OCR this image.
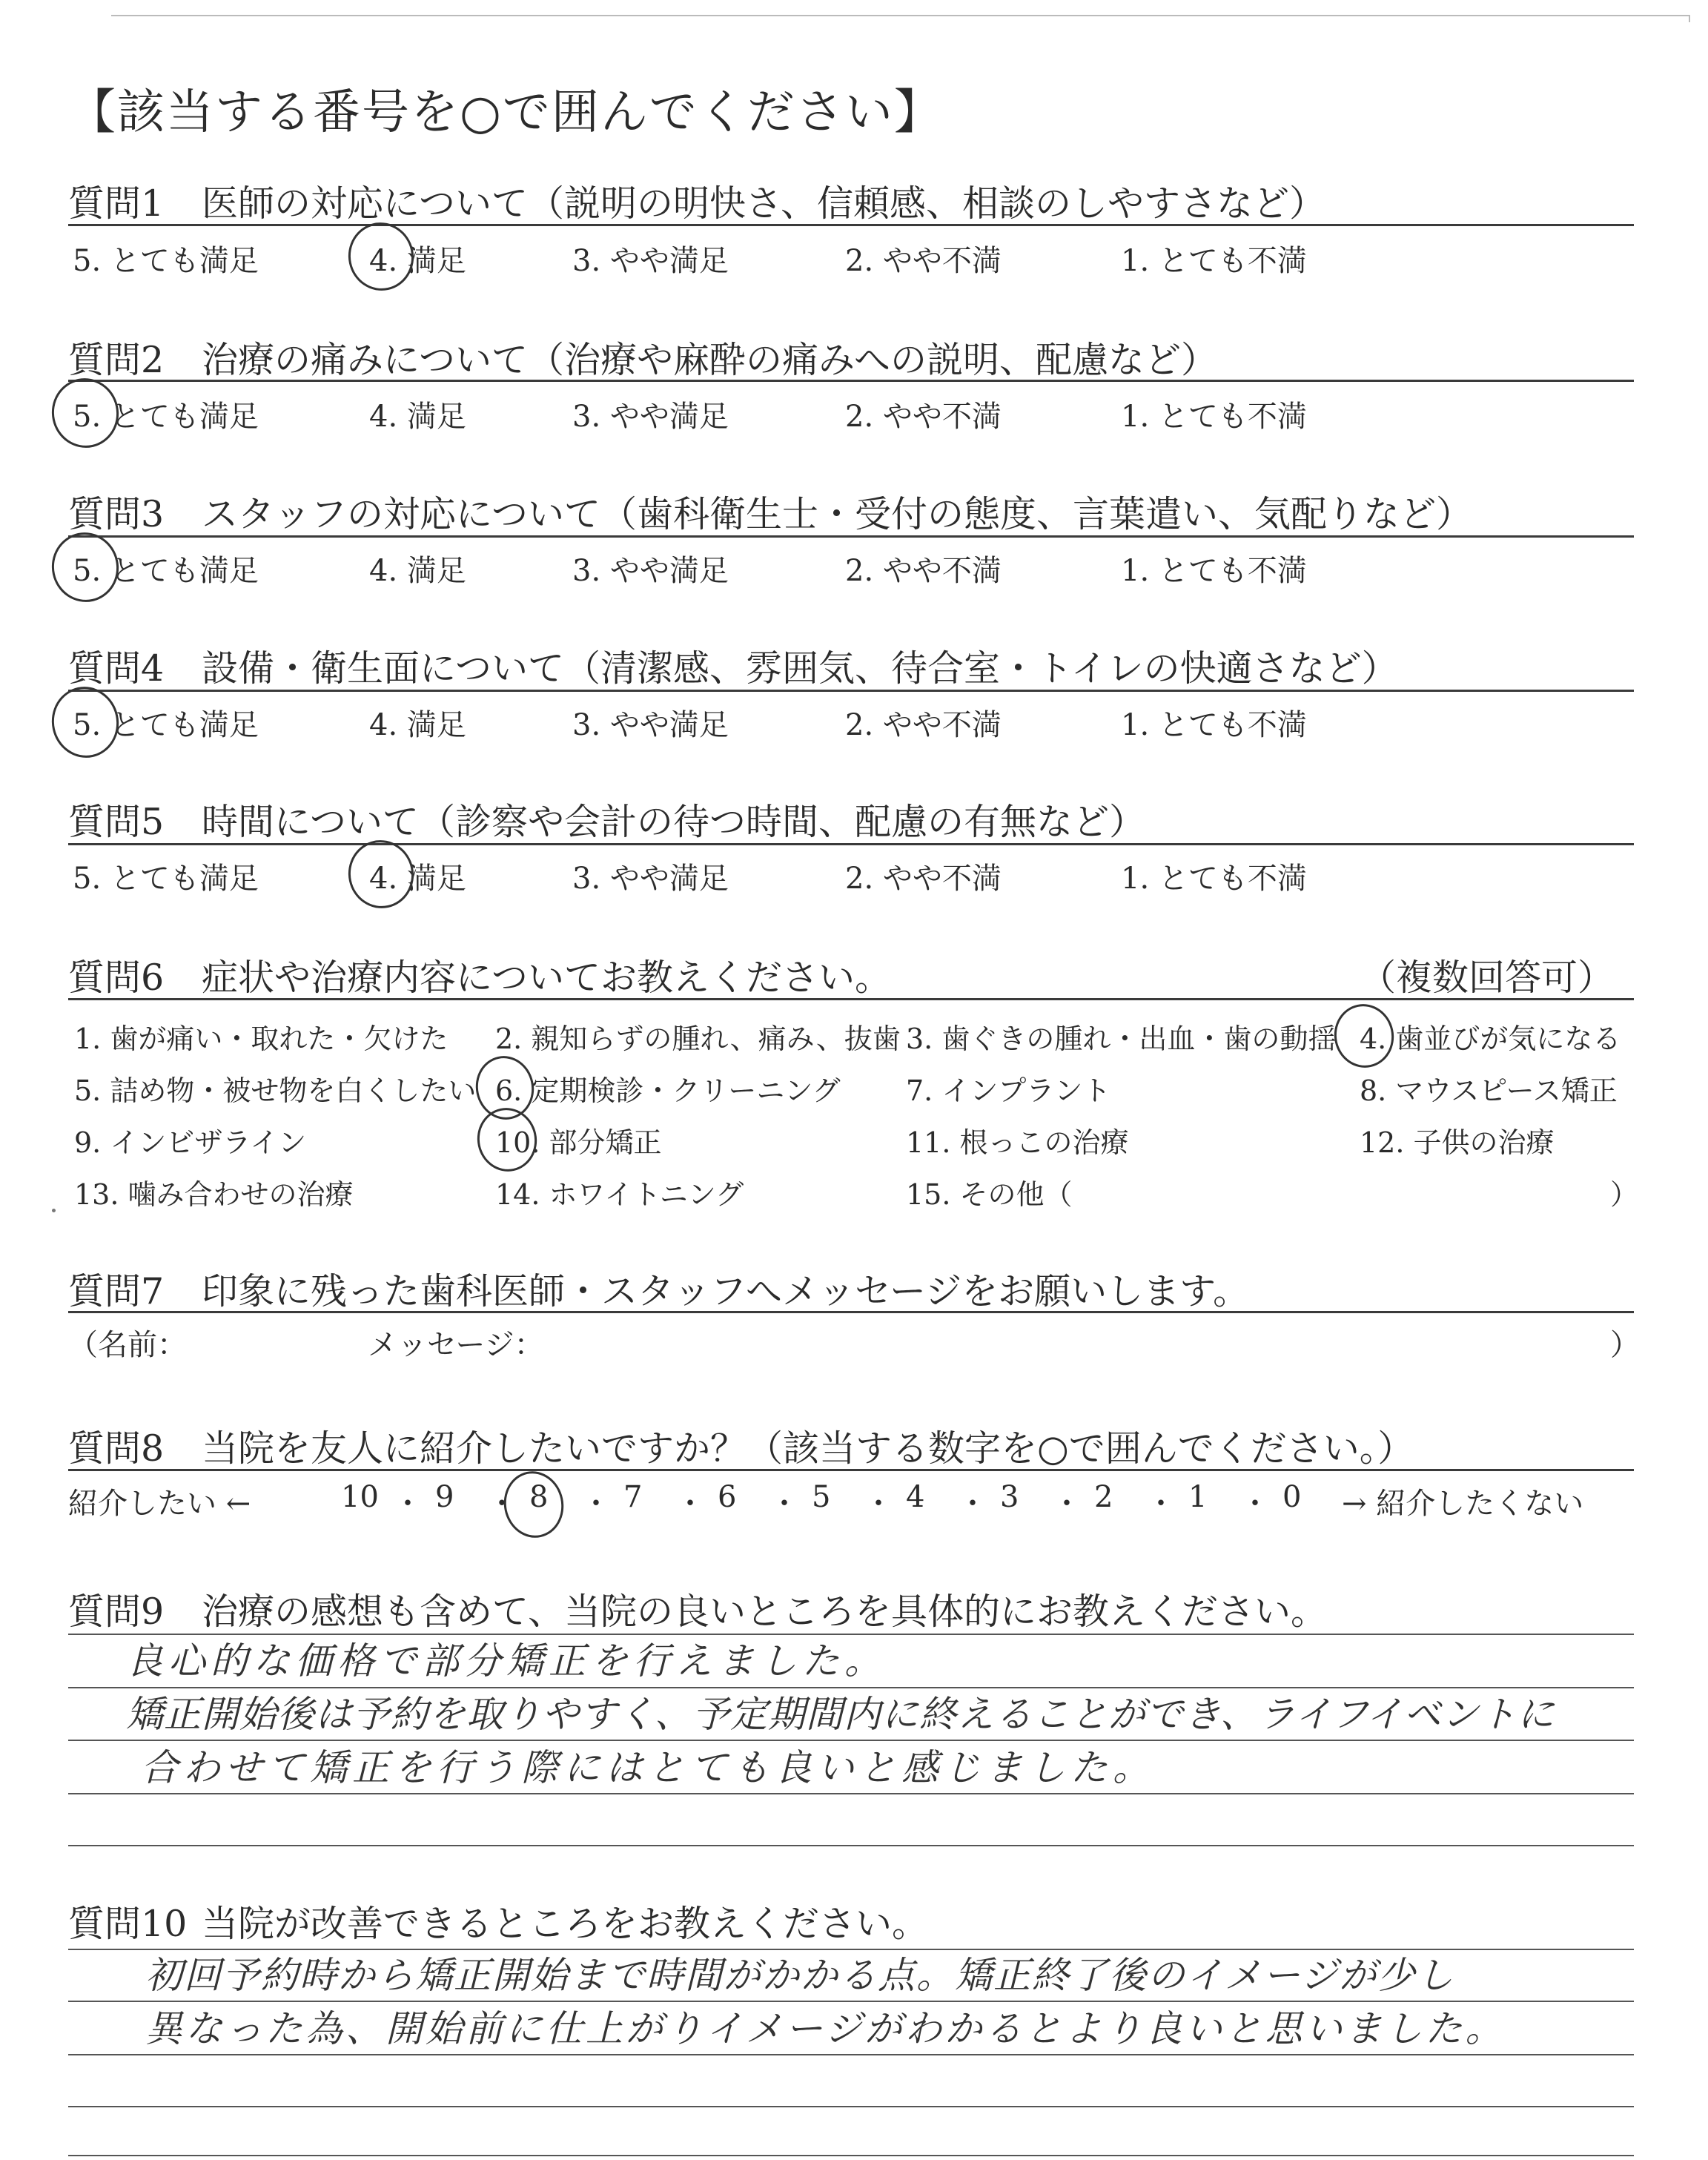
【該当する番号を○で囲んでください】
質問1 医師の対応について（説明の明快さ、信頼感、相談のしやすさなど）
5. とても満足	4. 満足	3. やや満足	2. やや不満	1. とても不満
質問2 治療の痛みについて（治療や麻酔の痛みへの説明、配慮など）
5. とても満足	4. 満足	3. やや満足	2. やや不満	1. とても不満
質問3 スタッフの対応について（歯科衛生士・受付の態度、言葉遣い、気配りなど）
5. とても満足	4. 満足	3. やや満足	2. やや不満	1. とても不満
質問4 設備・衛生面について（清潔感、雰囲気、待合室・トイレの快適さなど）
5. とても満足	4. 満足	3. やや満足	2. やや不満	1. とても不満
質問5 時間について（診察や会計の待つ時間、配慮の有無など）
5. とても満足	4. 満足	3. やや満足	2. やや不満	1. とても不満
質問6 症状や治療内容についてお教えください。	（複数回答可）
1. 歯が痛い・取れた・欠けた 2. 親知らずの腫れ、痛み、抜歯 3. 歯ぐきの腫れ・出血・歯の動揺 4. 歯並びが気になる
5. 詰め物・被せ物を白くしたい 6. 定期検診・クリーニング 7. インプラント	8. マウスピース矯正
9. インビザライン	10. 部分矯正	11. 根っこの治療	12. 子供の治療
13. 噛み合わせの治療	14. ホワイトニング	15. その他（	）
質問7 印象に残った歯科医師・スタッフへメッセージをお願いします。
（名前：	メッセージ：	）
質問8 当院を友人に紹介したいですか？（該当する数字を○で囲んでください。）
紹介したい ←	→ 紹介したくない
10 ・ 9 ・ 8 ・ 7 ・ 6 ・ 5 ・ 4 ・ 3 ・ 2 ・ 1 ・ 0
質問9 治療の感想も含めて、当院の良いところを具体的にお教えください。
良心的な価格で部分矯正を行えました。
矯正開始後は予約を取りやすく、予定期間内に終えることができ、ライフイベントに
合わせて矯正を行う際にはとても良いと感じました。
質問10 当院が改善できるところをお教えください。
初回予約時から矯正開始まで時間がかかる点。矯正終了後のイメージが少し
異なった為、開始前に仕上がりイメージがわかるとより良いと思いました。
